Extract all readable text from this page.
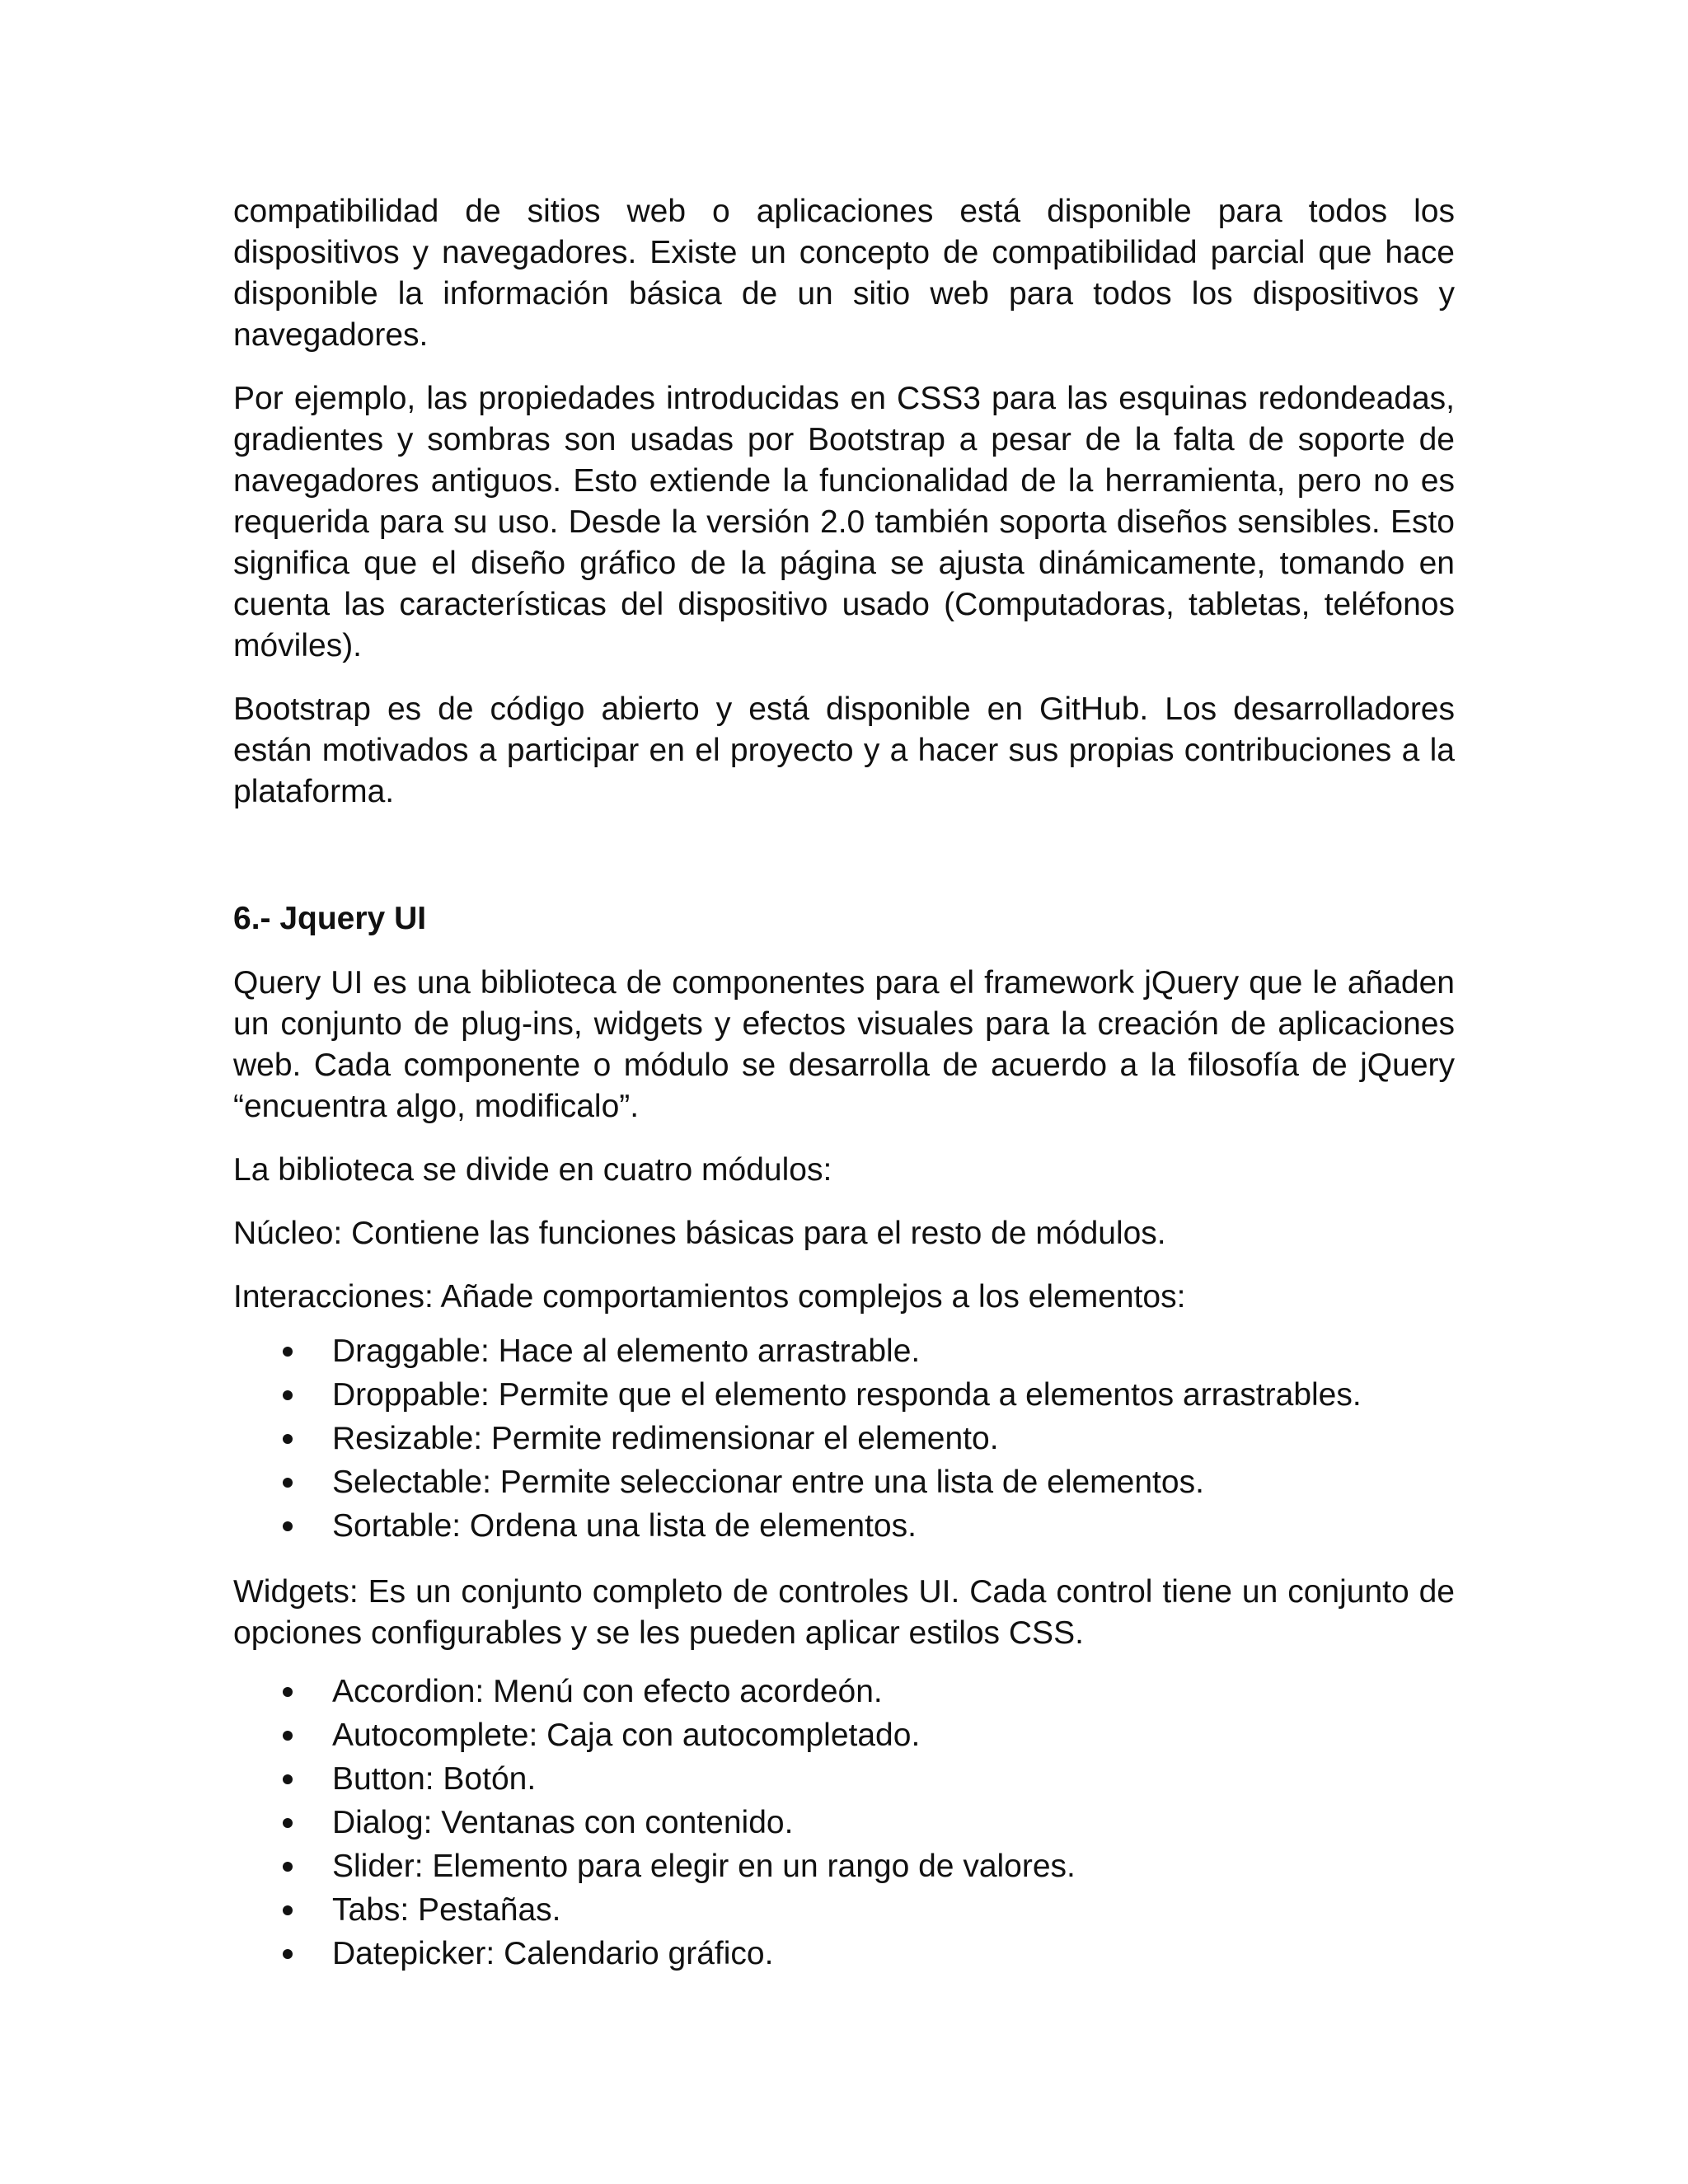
compatibilidad de sitios web o aplicaciones está disponible para todos los dispositivos y navegadores. Existe un concepto de compatibilidad parcial que hace disponible la información básica de un sitio web para todos los dispositivos y navegadores.

Por ejemplo, las propiedades introducidas en CSS3 para las esquinas redondeadas, gradientes y sombras son usadas por Bootstrap a pesar de la falta de soporte de navegadores antiguos. Esto extiende la funcionalidad de la herramienta, pero no es requerida para su uso. Desde la versión 2.0 también soporta diseños sensibles. Esto significa que el diseño gráfico de la página se ajusta dinámicamente, tomando en cuenta las características del dispositivo usado (Computadoras, tabletas, teléfonos móviles).

Bootstrap es de código abierto y está disponible en GitHub. Los desarrolladores están motivados a participar en el proyecto y a hacer sus propias contribuciones a la plataforma.

6.- Jquery UI

Query UI es una biblioteca de componentes para el framework jQuery que le añaden un conjunto de plug-ins, widgets y efectos visuales para la creación de aplicaciones web. Cada componente o módulo se desarrolla de acuerdo a la filosofía de jQuery “encuentra algo, modificalo”.

La biblioteca se divide en cuatro módulos:

Núcleo: Contiene las funciones básicas para el resto de módulos.

Interacciones: Añade comportamientos complejos a los elementos:

Draggable: Hace al elemento arrastrable.
Droppable: Permite que el elemento responda a elementos arrastrables.
Resizable: Permite redimensionar el elemento.
Selectable: Permite seleccionar entre una lista de elementos.
Sortable: Ordena una lista de elementos.

Widgets: Es un conjunto completo de controles UI. Cada control tiene un conjunto de opciones configurables y se les pueden aplicar estilos CSS.

Accordion: Menú con efecto acordeón.
Autocomplete: Caja con autocompletado.
Button: Botón.
Dialog: Ventanas con contenido.
Slider: Elemento para elegir en un rango de valores.
Tabs: Pestañas.
Datepicker: Calendario gráfico.
